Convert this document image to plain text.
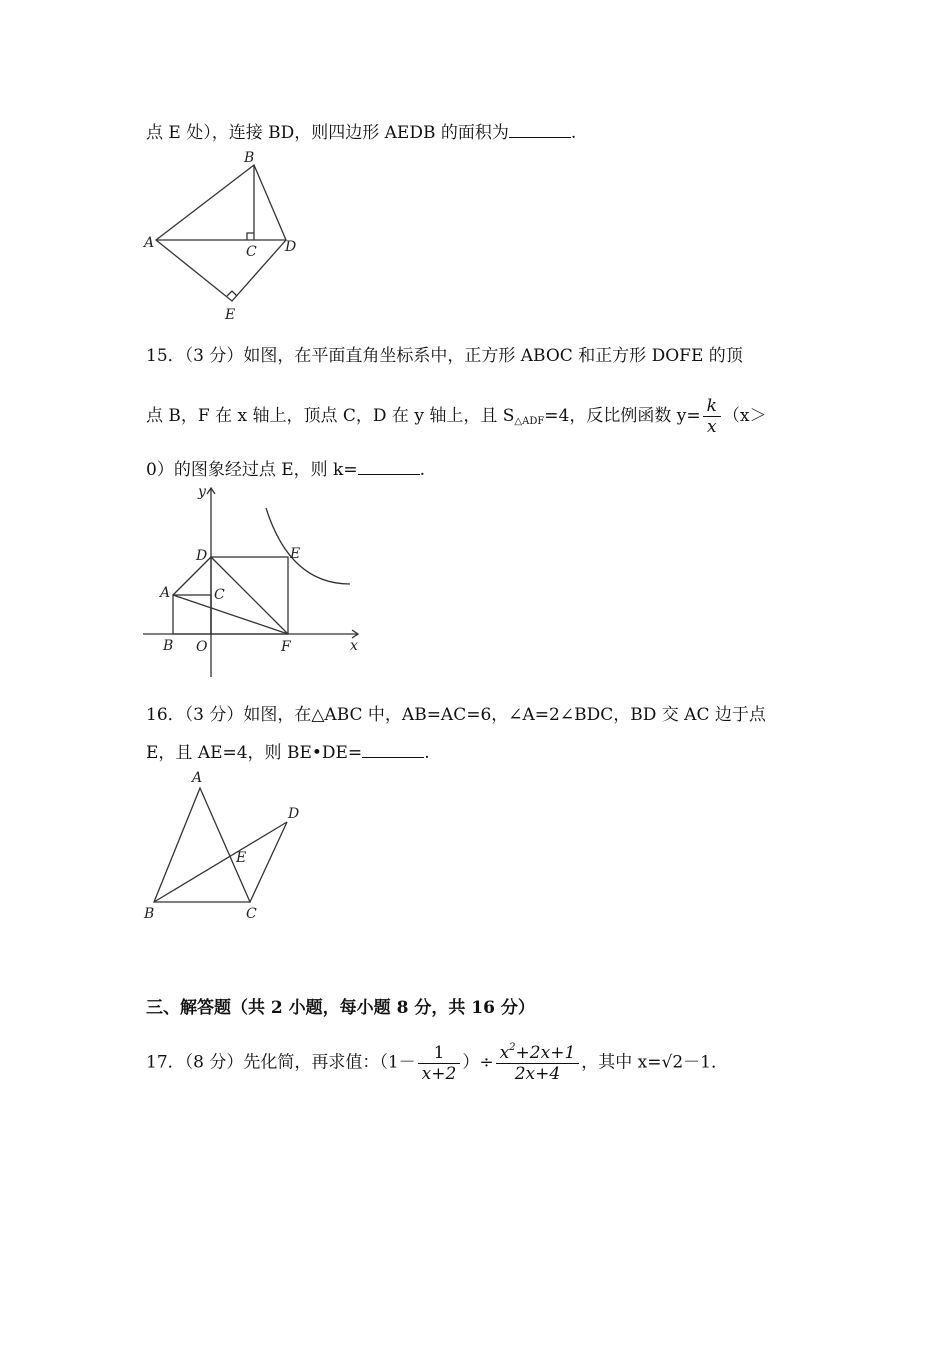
点 E 处），连接 BD，则四边形 AEDB 的面积为	.
A
B
C D
E
15．（3 分）如图，在平面直角坐标系中，正方形 ABOC 和正方形 DOFE 的顶
点 B，F 在 x 轴上，顶点 C，D 在 y 轴上，且 $S_{\triangle ADF}=4$，反比例函数 $y= \frac{k}{x} (x>$
0）的图象经过点 E，则 k=	.
y
x
D	E
A	C
B O	F
16．（3 分）如图，在△ABC 中，AB=AC=6，∠A=2∠BDC，BD 交 AC 边于点
E，且 AE=4，则 BE•DE=	.
A
B	C
D
E
三、解答题（共 2 小题，每小题 8 分，共 16 分）
17．（8 分）先化简，再求值：（$1- \frac{1}{x+2}$ ）÷ $\frac{x^2+2x+1}{2x+4}$ ，其中 x=√2－1．
